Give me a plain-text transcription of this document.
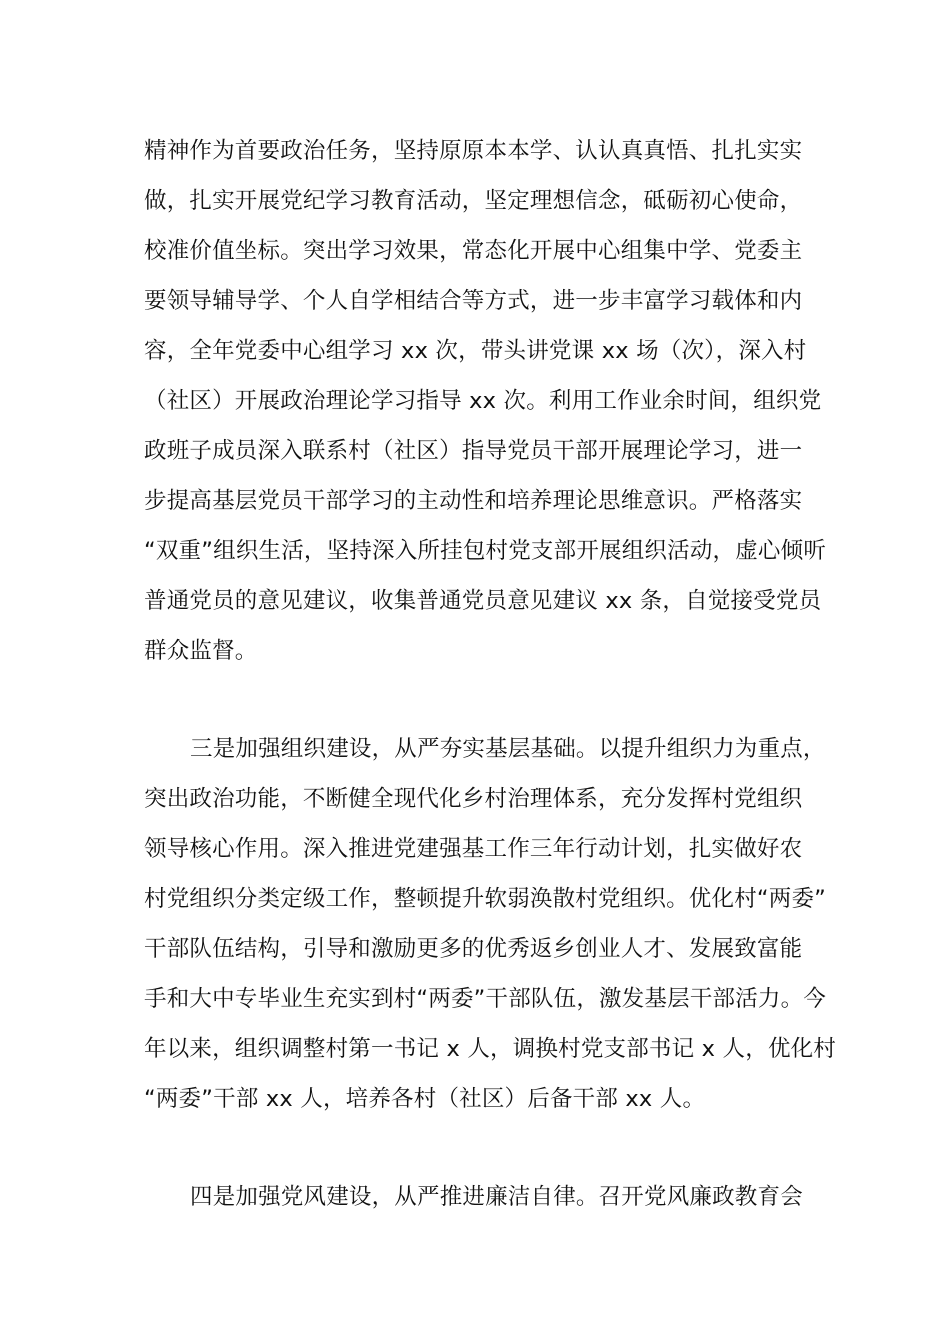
精神作为首要政治任务，坚持原原本本学、认认真真悟、扎扎实实
做，扎实开展党纪学习教育活动，坚定理想信念，砥砺初心使命，
校准价值坐标。突出学习效果，常态化开展中心组集中学、党委主
要领导辅导学、个人自学相结合等方式，进一步丰富学习载体和内
容，全年党委中心组学习 xx 次，带头讲党课 xx 场（次），深入村
（社区）开展政治理论学习指导 xx 次。利用工作业余时间，组织党
政班子成员深入联系村（社区）指导党员干部开展理论学习，进一
步提高基层党员干部学习的主动性和培养理论思维意识。严格落实
“双重”组织生活，坚持深入所挂包村党支部开展组织活动，虚心倾听
普通党员的意见建议，收集普通党员意见建议 xx 条，自觉接受党员
群众监督。
三是加强组织建设，从严夯实基层基础。以提升组织力为重点，
突出政治功能，不断健全现代化乡村治理体系，充分发挥村党组织
领导核心作用。深入推进党建强基工作三年行动计划，扎实做好农
村党组织分类定级工作，整顿提升软弱涣散村党组织。优化村“两委”
干部队伍结构，引导和激励更多的优秀返乡创业人才、发展致富能
手和大中专毕业生充实到村“两委”干部队伍，激发基层干部活力。今
年以来，组织调整村第一书记 x 人，调换村党支部书记 x 人，优化村
“两委”干部 xx 人，培养各村（社区）后备干部 xx 人。
四是加强党风建设，从严推进廉洁自律。召开党风廉政教育会
